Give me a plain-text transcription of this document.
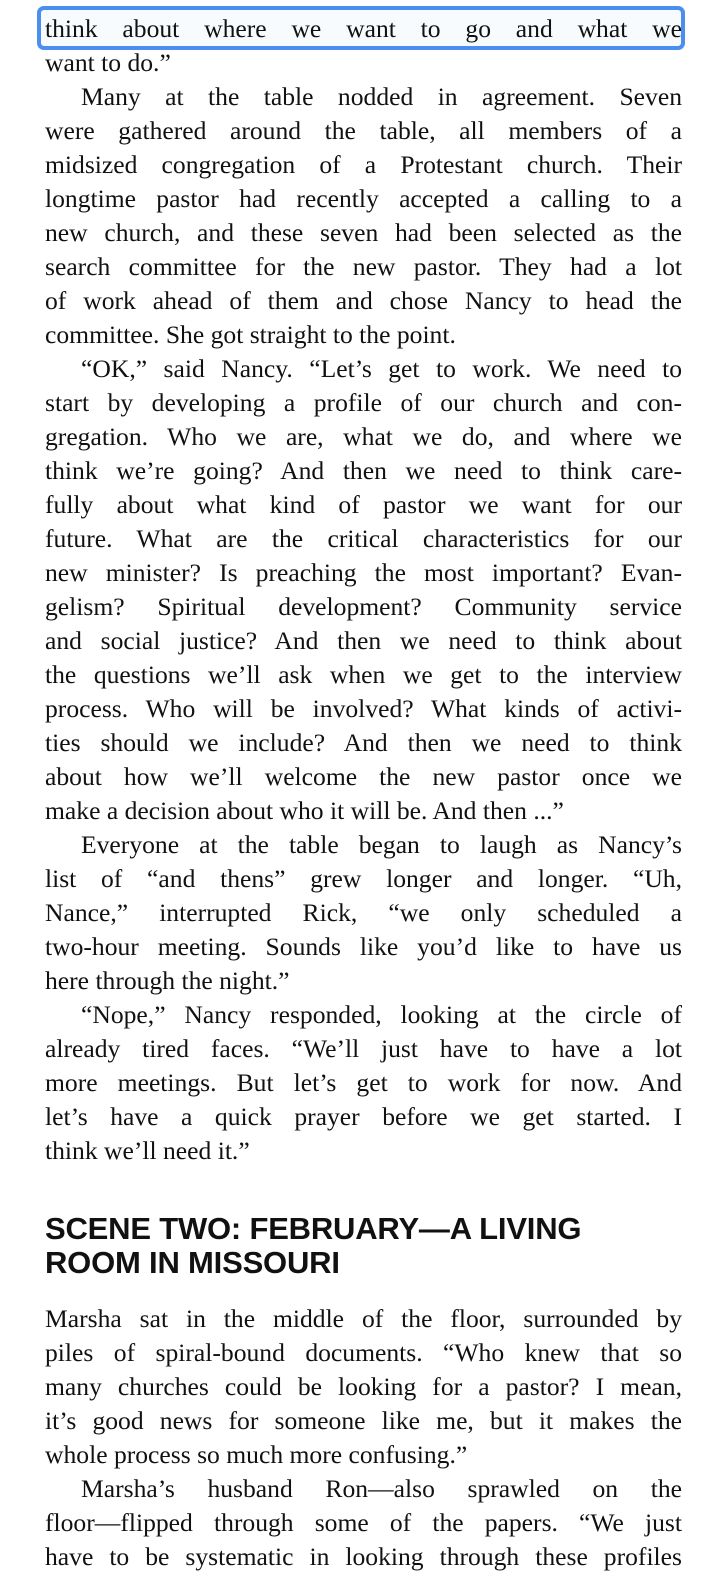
think about where we want to go and what we
want to do.”
Many at the table nodded in agreement. Seven
were gathered around the table, all members of a
midsized congregation of a Protestant church. Their
longtime pastor had recently accepted a calling to a
new church, and these seven had been selected as the
search committee for the new pastor. They had a lot
of work ahead of them and chose Nancy to head the
committee. She got straight to the point.
“OK,” said Nancy. “Let’s get to work. We need to
start by developing a profile of our church and con-
gregation. Who we are, what we do, and where we
think we’re going? And then we need to think care-
fully about what kind of pastor we want for our
future. What are the critical characteristics for our
new minister? Is preaching the most important? Evan-
gelism? Spiritual development? Community service
and social justice? And then we need to think about
the questions we’ll ask when we get to the interview
process. Who will be involved? What kinds of activi-
ties should we include? And then we need to think
about how we’ll welcome the new pastor once we
make a decision about who it will be. And then ...”
Everyone at the table began to laugh as Nancy’s
list of “and thens” grew longer and longer. “Uh,
Nance,” interrupted Rick, “we only scheduled a
two-hour meeting. Sounds like you’d like to have us
here through the night.”
“Nope,” Nancy responded, looking at the circle of
already tired faces. “We’ll just have to have a lot
more meetings. But let’s get to work for now. And
let’s have a quick prayer before we get started. I
think we’ll need it.”
Marsha sat in the middle of the floor, surrounded by
piles of spiral-bound documents. “Who knew that so
many churches could be looking for a pastor? I mean,
it’s good news for someone like me, but it makes the
whole process so much more confusing.”
Marsha’s husband Ron—also sprawled on the
floor—flipped through some of the papers. “We just
have to be systematic in looking through these profiles
SCENE TWO: FEBRUARY—A LIVING
ROOM IN MISSOURI
